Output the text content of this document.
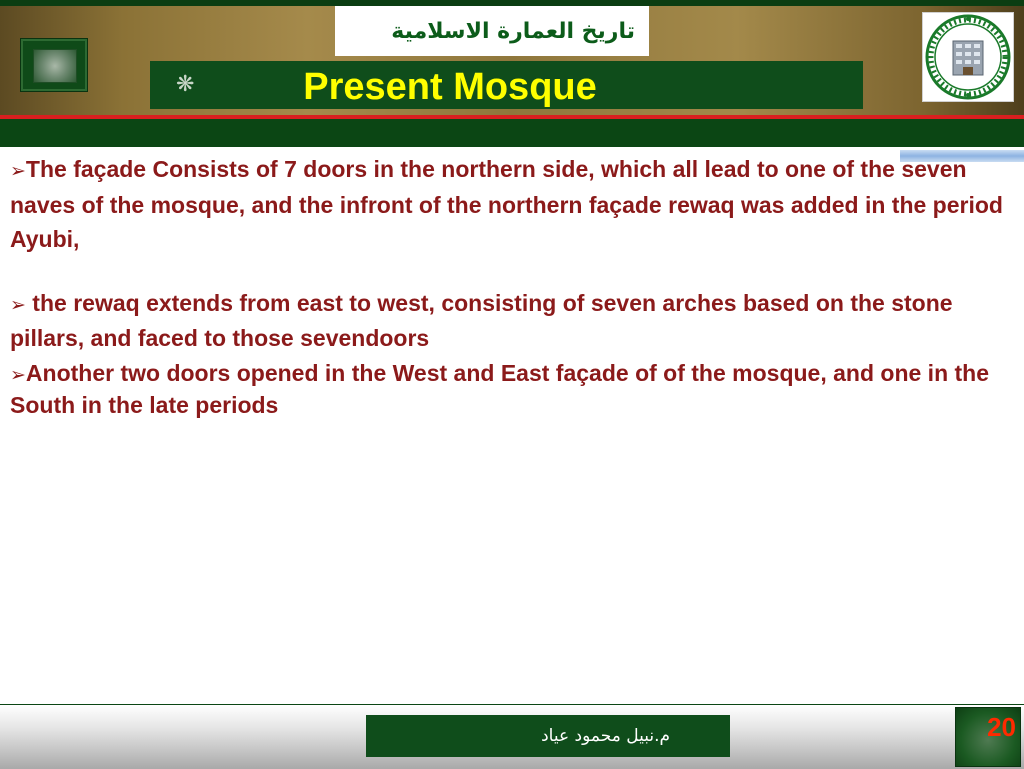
تاريخ العمارة الاسلامية
❋	Present Mosque

➢The façade Consists of 7 doors in the northern side, which all lead to one of the seven naves of the mosque, and the infront of the northern façade rewaq was added in the period Ayubi,

➢ the rewaq extends from east to west, consisting of seven arches based on the stone pillars, and faced to those sevendoors

➢Another two doors opened in the West and East façade of of the mosque, and one in the South in the late periods

م.نبيل محمود عياد	20
